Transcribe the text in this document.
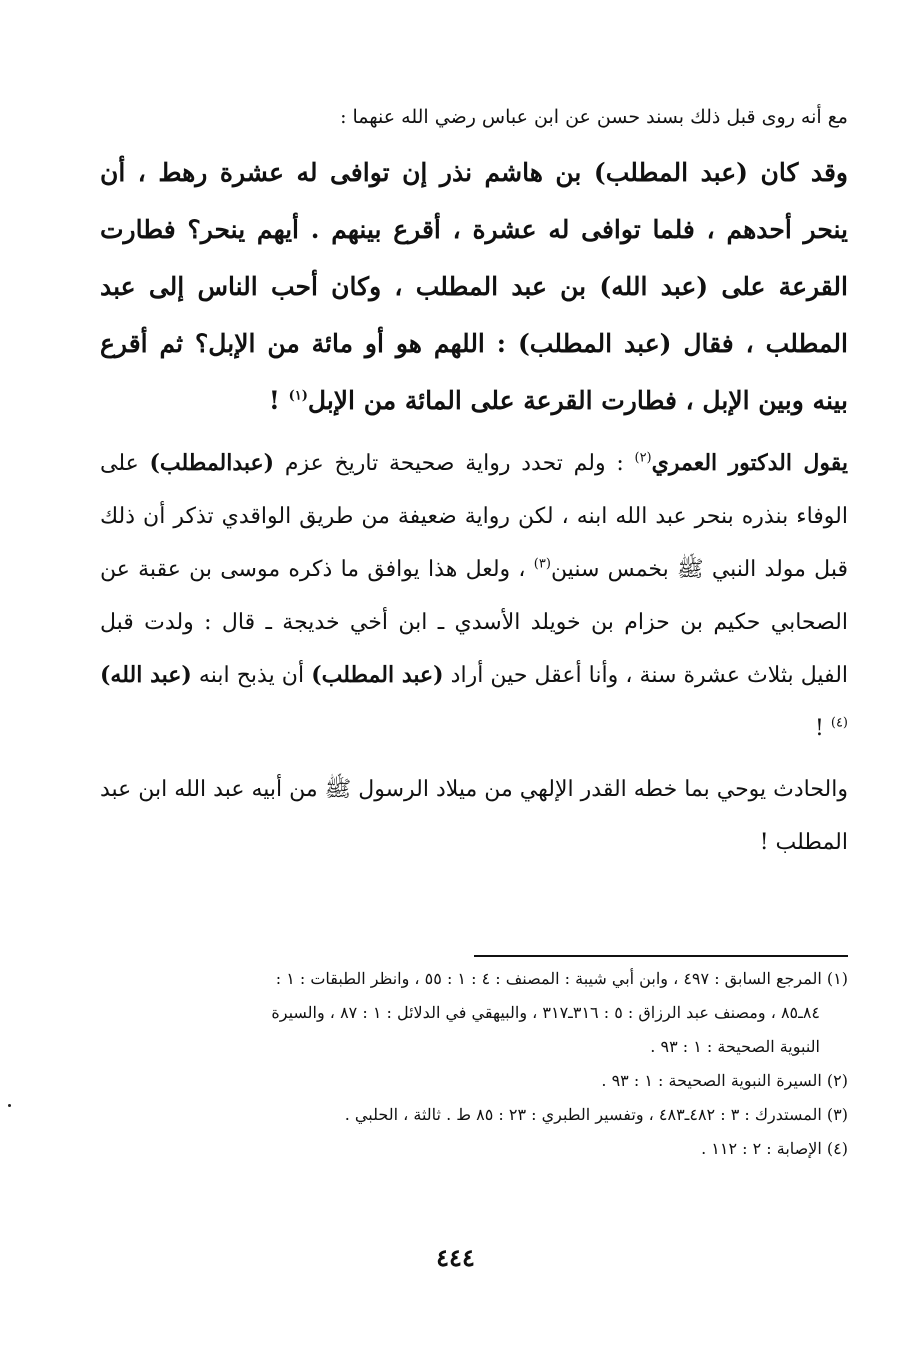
مع أنه روى قبل ذلك بسند حسن عن ابن عباس رضي الله عنهما :

وقد كان (عبد المطلب) بن هاشم نذر إن توافى له عشرة رهط ، أن ينحر أحدهم ، فلما توافى له عشرة ، أقرع بينهم . أيهم ينحر؟ فطارت القرعة على (عبد الله) بن عبد المطلب ، وكان أحب الناس إلى عبد المطلب ، فقال (عبد المطلب) : اللهم هو أو مائة من الإبل؟ ثم أقرع بينه وبين الإبل ، فطارت القرعة على المائة من الإبل$^{(١)}$ !

يقول الدكتور العمري$^{(٢)}$ : ولم تحدد رواية صحيحة تاريخ عزم (عبدالمطلب) على الوفاء بنذره بنحر عبد الله ابنه ، لكن رواية ضعيفة من طريق الواقدي تذكر أن ذلك قبل مولد النبي ﷺ بخمس سنين$^{(٣)}$ ، ولعل هذا يوافق ما ذكره موسى بن عقبة عن الصحابي حكيم بن حزام بن خويلد الأسدي ـ ابن أخي خديجة ـ قال : ولدت قبل الفيل بثلاث عشرة سنة ، وأنا أعقل حين أراد (عبد المطلب) أن يذبح ابنه (عبد الله)$^{(٤)}$ !

والحادث يوحي بما خطه القدر الإلهي من ميلاد الرسول ﷺ من أبيه عبد الله ابن عبد المطلب !

(١) المرجع السابق : ٤٩٧ ، وابن أبي شيبة : المصنف : ٤ : ١ : ٥٥ ، وانظر الطبقات : ١ :

٨٤ـ٨٥ ، ومصنف عبد الرزاق : ٥ : ٣١٦ـ٣١٧ ، والبيهقي في الدلائل : ١ : ٨٧ ، والسيرة

النبوية الصحيحة : ١ : ٩٣ .

(٢) السيرة النبوية الصحيحة : ١ : ٩٣ .

(٣) المستدرك : ٣ : ٤٨٢ـ٤٨٣ ، وتفسير الطبري : ٢٣ : ٨٥ ط . ثالثة ، الحلبي .

(٤) الإصابة : ٢ : ١١٢ .

٤٤٤
